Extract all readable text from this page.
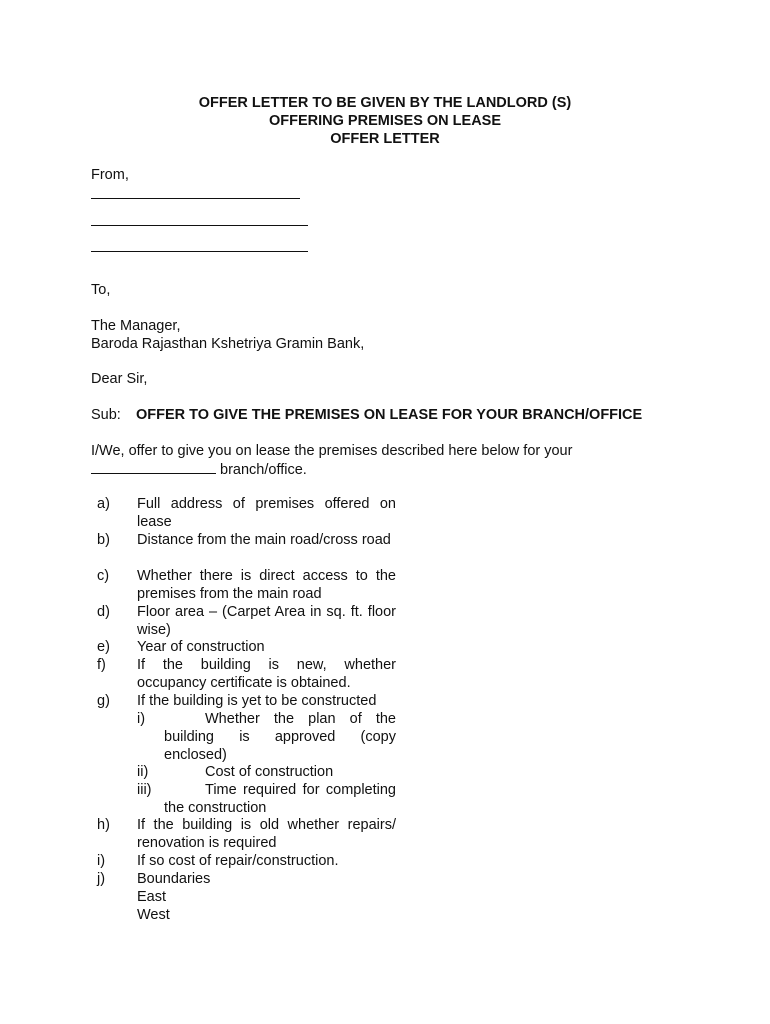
OFFER LETTER TO BE GIVEN BY THE LANDLORD (S)
OFFERING PREMISES ON LEASE
OFFER LETTER
From,
To,
The Manager,
Baroda Rajasthan Kshetriya Gramin Bank,
Dear Sir,
Sub: OFFER TO GIVE THE PREMISES ON LEASE FOR YOUR BRANCH/OFFICE
I/We, offer to give you on lease the premises described here below for your
branch/office.
a) Full address of premises offered on lease
b) Distance from the main road/cross road
c) Whether there is direct access to the premises from the main road
d) Floor area – (Carpet Area in sq. ft. floor wise)
e) Year of construction
f) If the building is new, whether occupancy certificate is obtained.
g) If the building is yet to be constructed
i)	Whether the plan of the building is approved (copy enclosed)
ii)	Cost of construction
iii)	Time required for completing the construction
h) If the building is old whether repairs/ renovation is required
i) If so cost of repair/construction.
j) Boundaries
East
West
